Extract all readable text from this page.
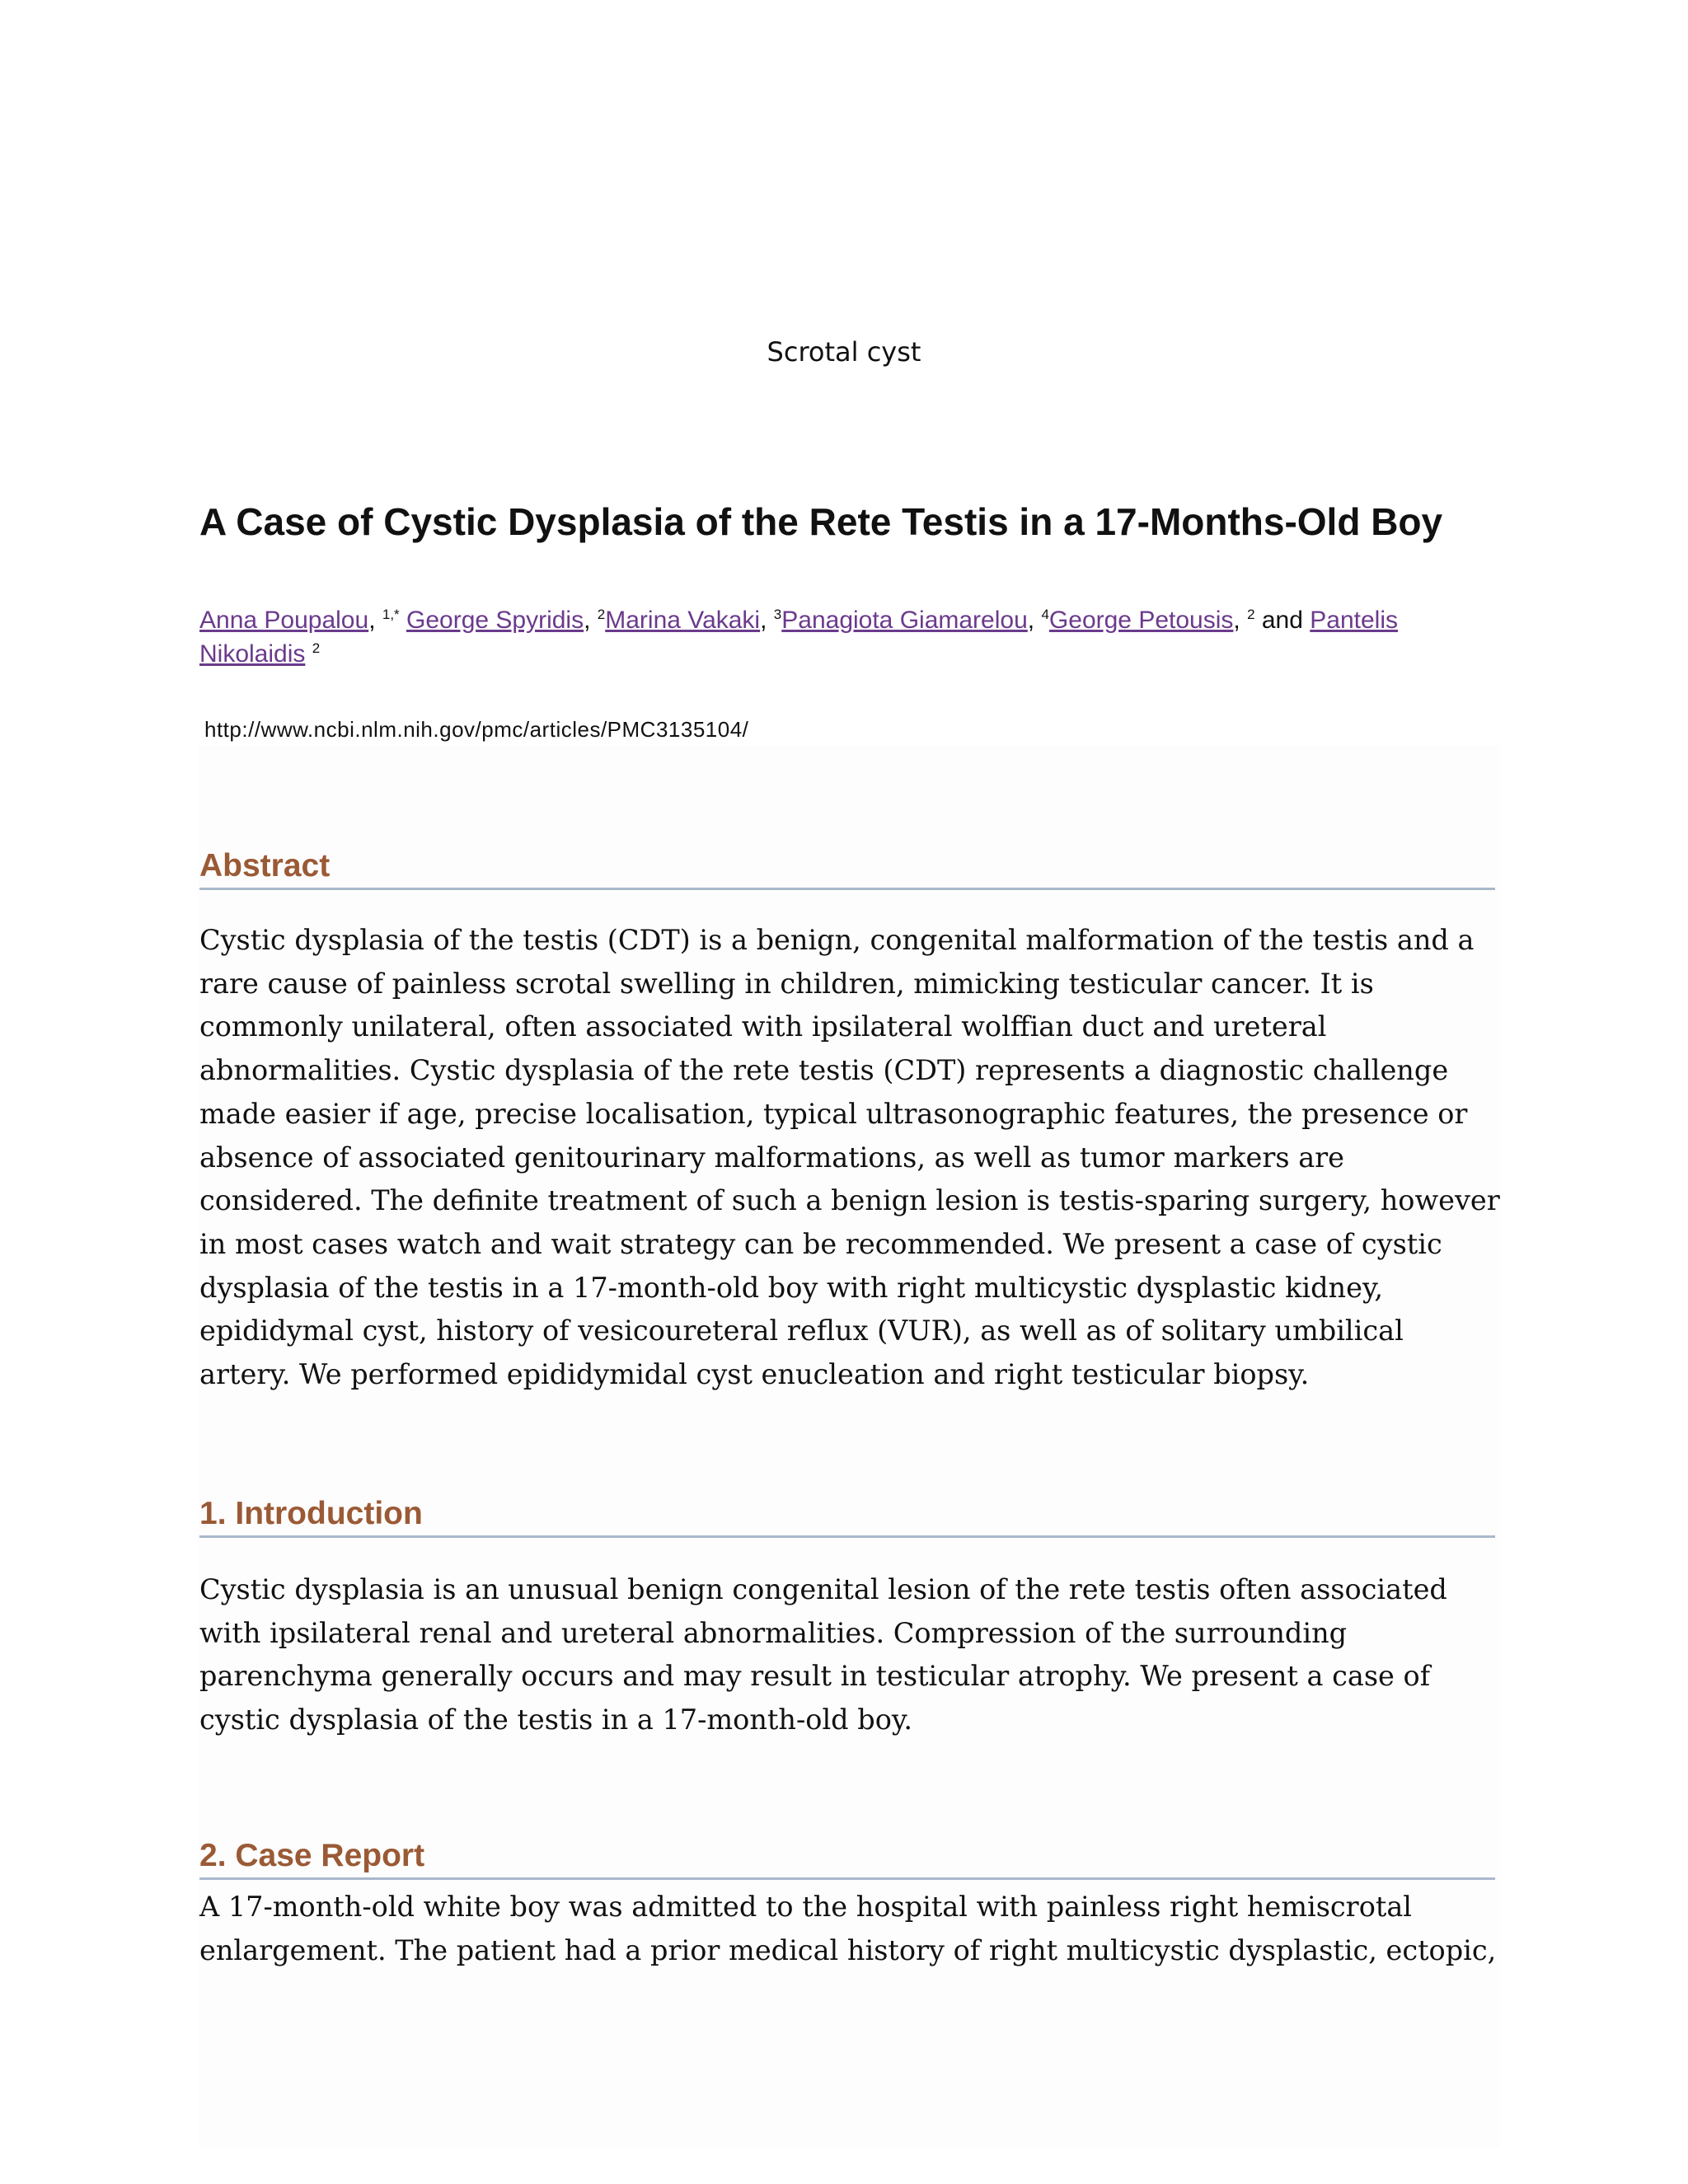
Scrotal cyst
A Case of Cystic Dysplasia of the Rete Testis in a 17-Months-Old Boy
Anna Poupalou, $^{1,*}$ George Spyridis, $^2$Marina Vakaki, $^3$Panagiota Giamarelou, $^4$George Petousis, $^2$ and Pantelis Nikolaidis $^2$
http://www.ncbi.nlm.nih.gov/pmc/articles/PMC3135104/
Abstract

Cystic dysplasia of the testis (CDT) is a benign, congenital malformation of the testis and a rare cause of painless scrotal swelling in children, mimicking testicular cancer. It is commonly unilateral, often associated with ipsilateral wolffian duct and ureteral abnormalities. Cystic dysplasia of the rete testis (CDT) represents a diagnostic challenge made easier if age, precise localisation, typical ultrasonographic features, the presence or absence of associated genitourinary malformations, as well as tumor markers are considered. The definite treatment of such a benign lesion is testis-sparing surgery, however in most cases watch and wait strategy can be recommended. We present a case of cystic dysplasia of the testis in a 17-month-old boy with right multicystic dysplastic kidney, epididymal cyst, history of vesicoureteral reflux (VUR), as well as of solitary umbilical artery. We performed epididymidal cyst enucleation and right testicular biopsy.

1. Introduction

Cystic dysplasia is an unusual benign congenital lesion of the rete testis often associated with ipsilateral renal and ureteral abnormalities. Compression of the surrounding parenchyma generally occurs and may result in testicular atrophy. We present a case of cystic dysplasia of the testis in a 17-month-old boy.

2. Case Report

A 17-month-old white boy was admitted to the hospital with painless right hemiscrotal enlargement. The patient had a prior medical history of right multicystic dysplastic, ectopic,
